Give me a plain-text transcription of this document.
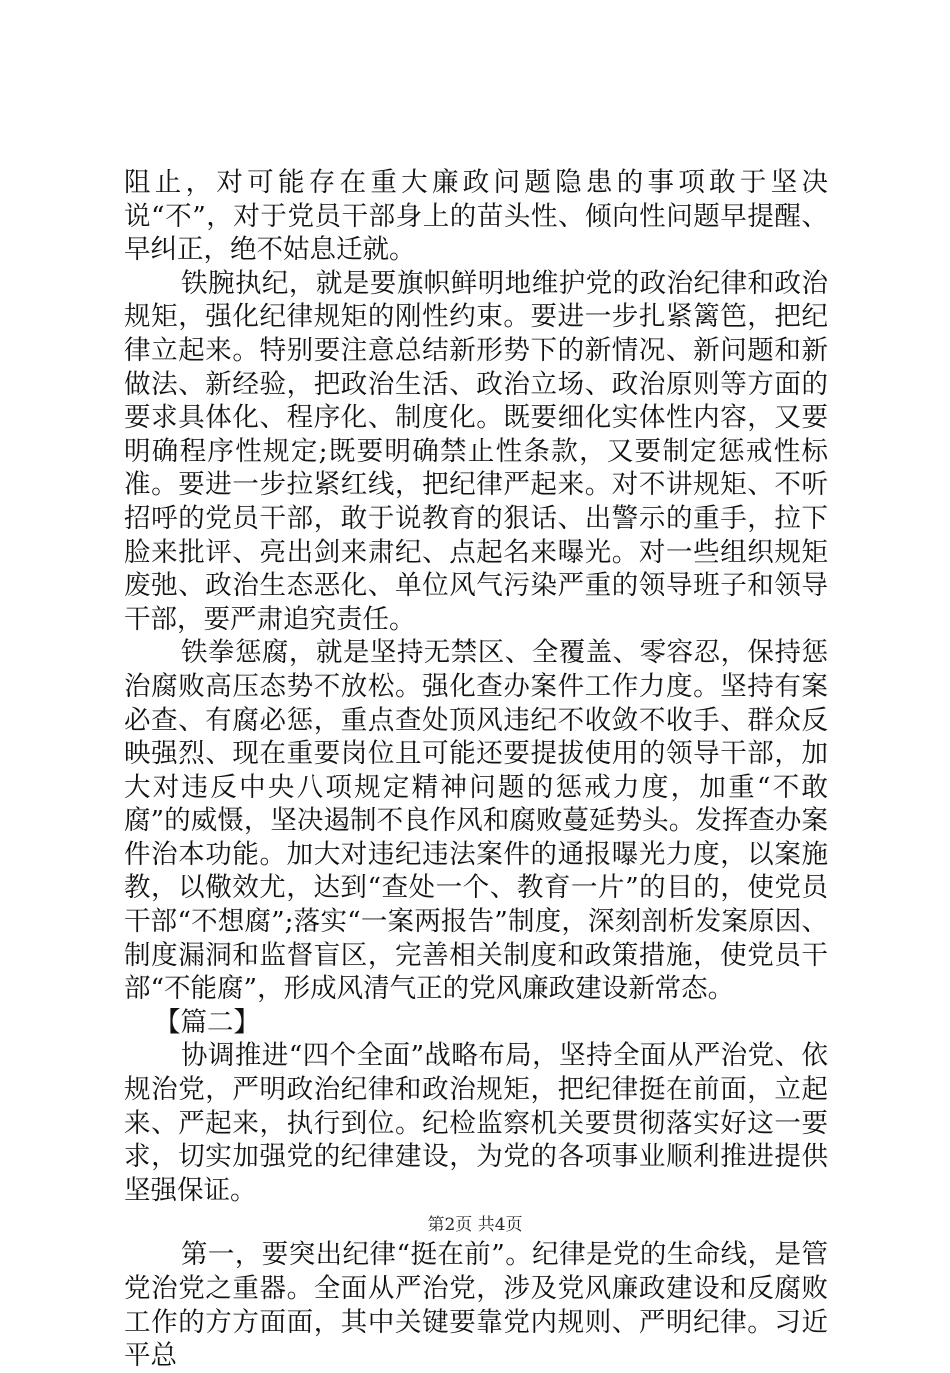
阻止，对可能存在重大廉政问题隐患的事项敢于坚决说“不”，对于党员干部身上的苗头性、倾向性问题早提醒、早纠正，绝不姑息迁就。

铁腕执纪，就是要旗帜鲜明地维护党的政治纪律和政治规矩，强化纪律规矩的刚性约束。要进一步扎紧篱笆，把纪律立起来。特别要注意总结新形势下的新情况、新问题和新做法、新经验，把政治生活、政治立场、政治原则等方面的要求具体化、程序化、制度化。既要细化实体性内容，又要明确程序性规定;既要明确禁止性条款，又要制定惩戒性标准。要进一步拉紧红线，把纪律严起来。对不讲规矩、不听招呼的党员干部，敢于说教育的狠话、出警示的重手，拉下脸来批评、亮出剑来肃纪、点起名来曝光。对一些组织规矩废弛、政治生态恶化、单位风气污染严重的领导班子和领导干部，要严肃追究责任。

铁拳惩腐，就是坚持无禁区、全覆盖、零容忍，保持惩治腐败高压态势不放松。强化查办案件工作力度。坚持有案必查、有腐必惩，重点查处顶风违纪不收敛不收手、群众反映强烈、现在重要岗位且可能还要提拔使用的领导干部，加大对违反中央八项规定精神问题的惩戒力度，加重“不敢腐”的威慑，坚决遏制不良作风和腐败蔓延势头。发挥查办案件治本功能。加大对违纪违法案件的通报曝光力度，以案施教，以儆效尤，达到“查处一个、教育一片”的目的，使党员干部“不想腐”;落实“一案两报告”制度，深刻剖析发案原因、制度漏洞和监督盲区，完善相关制度和政策措施，使党员干部“不能腐”，形成风清气正的党风廉政建设新常态。

【篇二】

协调推进“四个全面”战略布局，坚持全面从严治党、依规治党，严明政治纪律和政治规矩，把纪律挺在前面，立起来、严起来，执行到位。纪检监察机关要贯彻落实好这一要求，切实加强党的纪律建设，为党的各项事业顺利推进提供坚强保证。

第一，要突出纪律“挺在前”。纪律是党的生命线，是管党治党之重器。全面从严治党，涉及党风廉政建设和反腐败工作的方方面面，其中关键要靠党内规则、严明纪律。习近平总

第2页 共4页
